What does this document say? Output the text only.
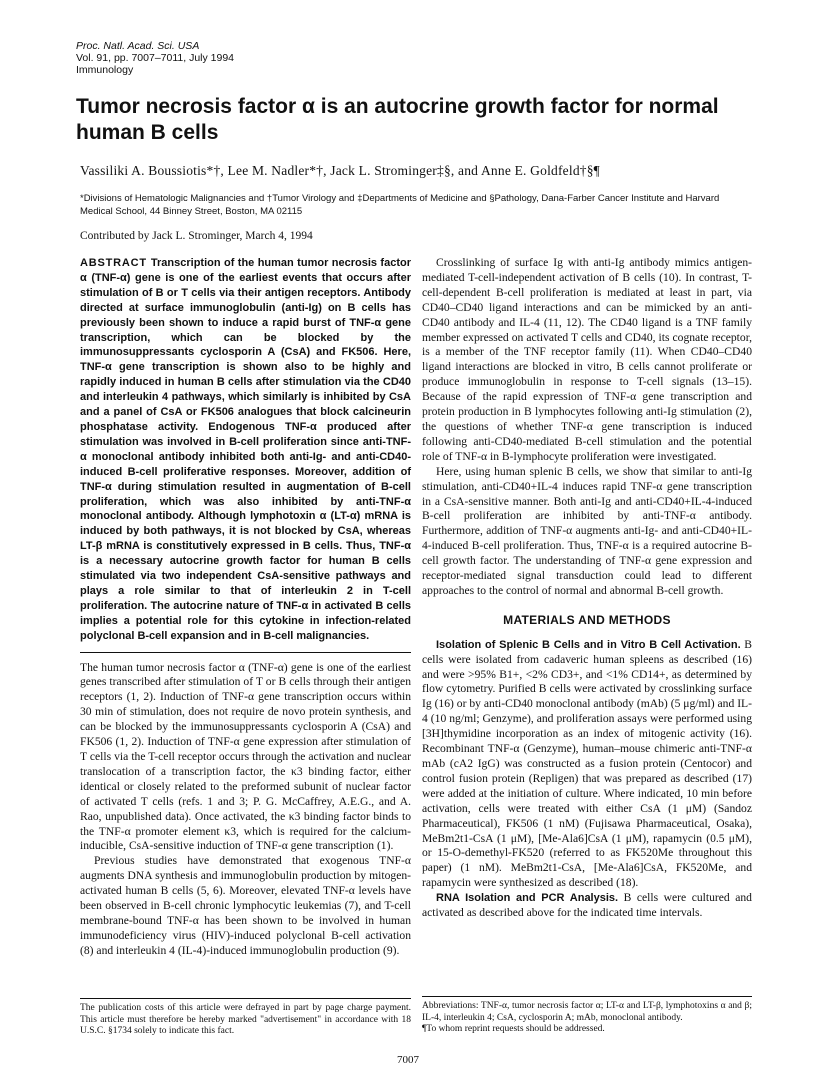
Proc. Natl. Acad. Sci. USA
Vol. 91, pp. 7007–7011, July 1994
Immunology
Tumor necrosis factor α is an autocrine growth factor for normal human B cells
Vassiliki A. Boussiotis*†, Lee M. Nadler*†, Jack L. Strominger‡§, and Anne E. Goldfeld†§¶
*Divisions of Hematologic Malignancies and †Tumor Virology and ‡Departments of Medicine and §Pathology, Dana-Farber Cancer Institute and Harvard Medical School, 44 Binney Street, Boston, MA 02115
Contributed by Jack L. Strominger, March 4, 1994

ABSTRACT Transcription of the human tumor necrosis factor α (TNF-α) gene is one of the earliest events that occurs after stimulation of B or T cells via their antigen receptors. Antibody directed at surface immunoglobulin (anti-Ig) on B cells has previously been shown to induce a rapid burst of TNF-α gene transcription, which can be blocked by the immunosuppressants cyclosporin A (CsA) and FK506. Here, TNF-α gene transcription is shown also to be highly and rapidly induced in human B cells after stimulation via the CD40 and interleukin 4 pathways, which similarly is inhibited by CsA and a panel of CsA or FK506 analogues that block calcineurin phosphatase activity. Endogenous TNF-α produced after stimulation was involved in B-cell proliferation since anti-TNF-α monoclonal antibody inhibited both anti-Ig- and anti-CD40-induced B-cell proliferative responses. Moreover, addition of TNF-α during stimulation resulted in augmentation of B-cell proliferation, which was also inhibited by anti-TNF-α monoclonal antibody. Although lymphotoxin α (LT-α) mRNA is induced by both pathways, it is not blocked by CsA, whereas LT-β mRNA is constitutively expressed in B cells. Thus, TNF-α is a necessary autocrine growth factor for human B cells stimulated via two independent CsA-sensitive pathways and plays a role similar to that of interleukin 2 in T-cell proliferation. The autocrine nature of TNF-α in activated B cells implies a potential role for this cytokine in infection-related polyclonal B-cell expansion and in B-cell malignancies.

The human tumor necrosis factor α (TNF-α) gene is one of the earliest genes transcribed after stimulation of T or B cells through their antigen receptors (1, 2). Induction of TNF-α gene transcription occurs within 30 min of stimulation, does not require de novo protein synthesis, and can be blocked by the immunosuppressants cyclosporin A (CsA) and FK506 (1, 2). Induction of TNF-α gene expression after stimulation of T cells via the T-cell receptor occurs through the activation and nuclear translocation of a transcription factor, the κ3 binding factor, either identical or closely related to the preformed subunit of nuclear factor of activated T cells (refs. 1 and 3; P. G. McCaffrey, A.E.G., and A. Rao, unpublished data). Once activated, the κ3 binding factor binds to the TNF-α promoter element κ3, which is required for the calcium-inducible, CsA-sensitive induction of TNF-α gene transcription (1).

Previous studies have demonstrated that exogenous TNF-α augments DNA synthesis and immunoglobulin production by mitogen-activated human B cells (5, 6). Moreover, elevated TNF-α levels have been observed in B-cell chronic lymphocytic leukemias (7), and T-cell membrane-bound TNF-α has been shown to be involved in human immunodeficiency virus (HIV)-induced polyclonal B-cell activation (8) and interleukin 4 (IL-4)-induced immunoglobulin production (9).

Crosslinking of surface Ig with anti-Ig antibody mimics antigen-mediated T-cell-independent activation of B cells (10). In contrast, T-cell-dependent B-cell proliferation is mediated at least in part, via CD40–CD40 ligand interactions and can be mimicked by an anti-CD40 antibody and IL-4 (11, 12). The CD40 ligand is a TNF family member expressed on activated T cells and CD40, its cognate receptor, is a member of the TNF receptor family (11). When CD40–CD40 ligand interactions are blocked in vitro, B cells cannot proliferate or produce immunoglobulin in response to T-cell signals (13–15). Because of the rapid expression of TNF-α gene transcription and protein production in B lymphocytes following anti-Ig stimulation (2), the questions of whether TNF-α gene transcription is induced following anti-CD40-mediated B-cell stimulation and the potential role of TNF-α in B-lymphocyte proliferation were investigated.

Here, using human splenic B cells, we show that similar to anti-Ig stimulation, anti-CD40+IL-4 induces rapid TNF-α gene transcription in a CsA-sensitive manner. Both anti-Ig and anti-CD40+IL-4-induced B-cell proliferation are inhibited by anti-TNF-α antibody. Furthermore, addition of TNF-α augments anti-Ig- and anti-CD40+IL-4-induced B-cell proliferation. Thus, TNF-α is a required autocrine B-cell growth factor. The understanding of TNF-α gene expression and receptor-mediated signal transduction could lead to different approaches to the control of normal and abnormal B-cell growth.

MATERIALS AND METHODS

Isolation of Splenic B Cells and in Vitro B Cell Activation. B cells were isolated from cadaveric human spleens as described (16) and were >95% B1+, <2% CD3+, and <1% CD14+, as determined by flow cytometry. Purified B cells were activated by crosslinking surface Ig (16) or by anti-CD40 monoclonal antibody (mAb) (5 μg/ml) and IL-4 (10 ng/ml; Genzyme), and proliferation assays were performed using [3H]thymidine incorporation as an index of mitogenic activity (16). Recombinant TNF-α (Genzyme), human–mouse chimeric anti-TNF-α mAb (cA2 IgG) was constructed as a fusion protein (Centocor) and control fusion protein (Repligen) that was prepared as described (17) were added at the initiation of culture. Where indicated, 10 min before activation, cells were treated with either CsA (1 μM) (Sandoz Pharmaceutical), FK506 (1 nM) (Fujisawa Pharmaceutical, Osaka), MeBm2t1-CsA (1 μM), [Me-Ala6]CsA (1 μM), rapamycin (0.5 μM), or 15-O-demethyl-FK520 (referred to as FK520Me throughout this paper) (1 nM). MeBm2t1-CsA, [Me-Ala6]CsA, FK520Me, and rapamycin were synthesized as described (18).

RNA Isolation and PCR Analysis. B cells were cultured and activated as described above for the indicated time intervals.

The publication costs of this article were defrayed in part by page charge payment. This article must therefore be hereby marked "advertisement" in accordance with 18 U.S.C. §1734 solely to indicate this fact.
Abbreviations: TNF-α, tumor necrosis factor α; LT-α and LT-β, lymphotoxins α and β; IL-4, interleukin 4; CsA, cyclosporin A; mAb, monoclonal antibody.
¶To whom reprint requests should be addressed.
7007
